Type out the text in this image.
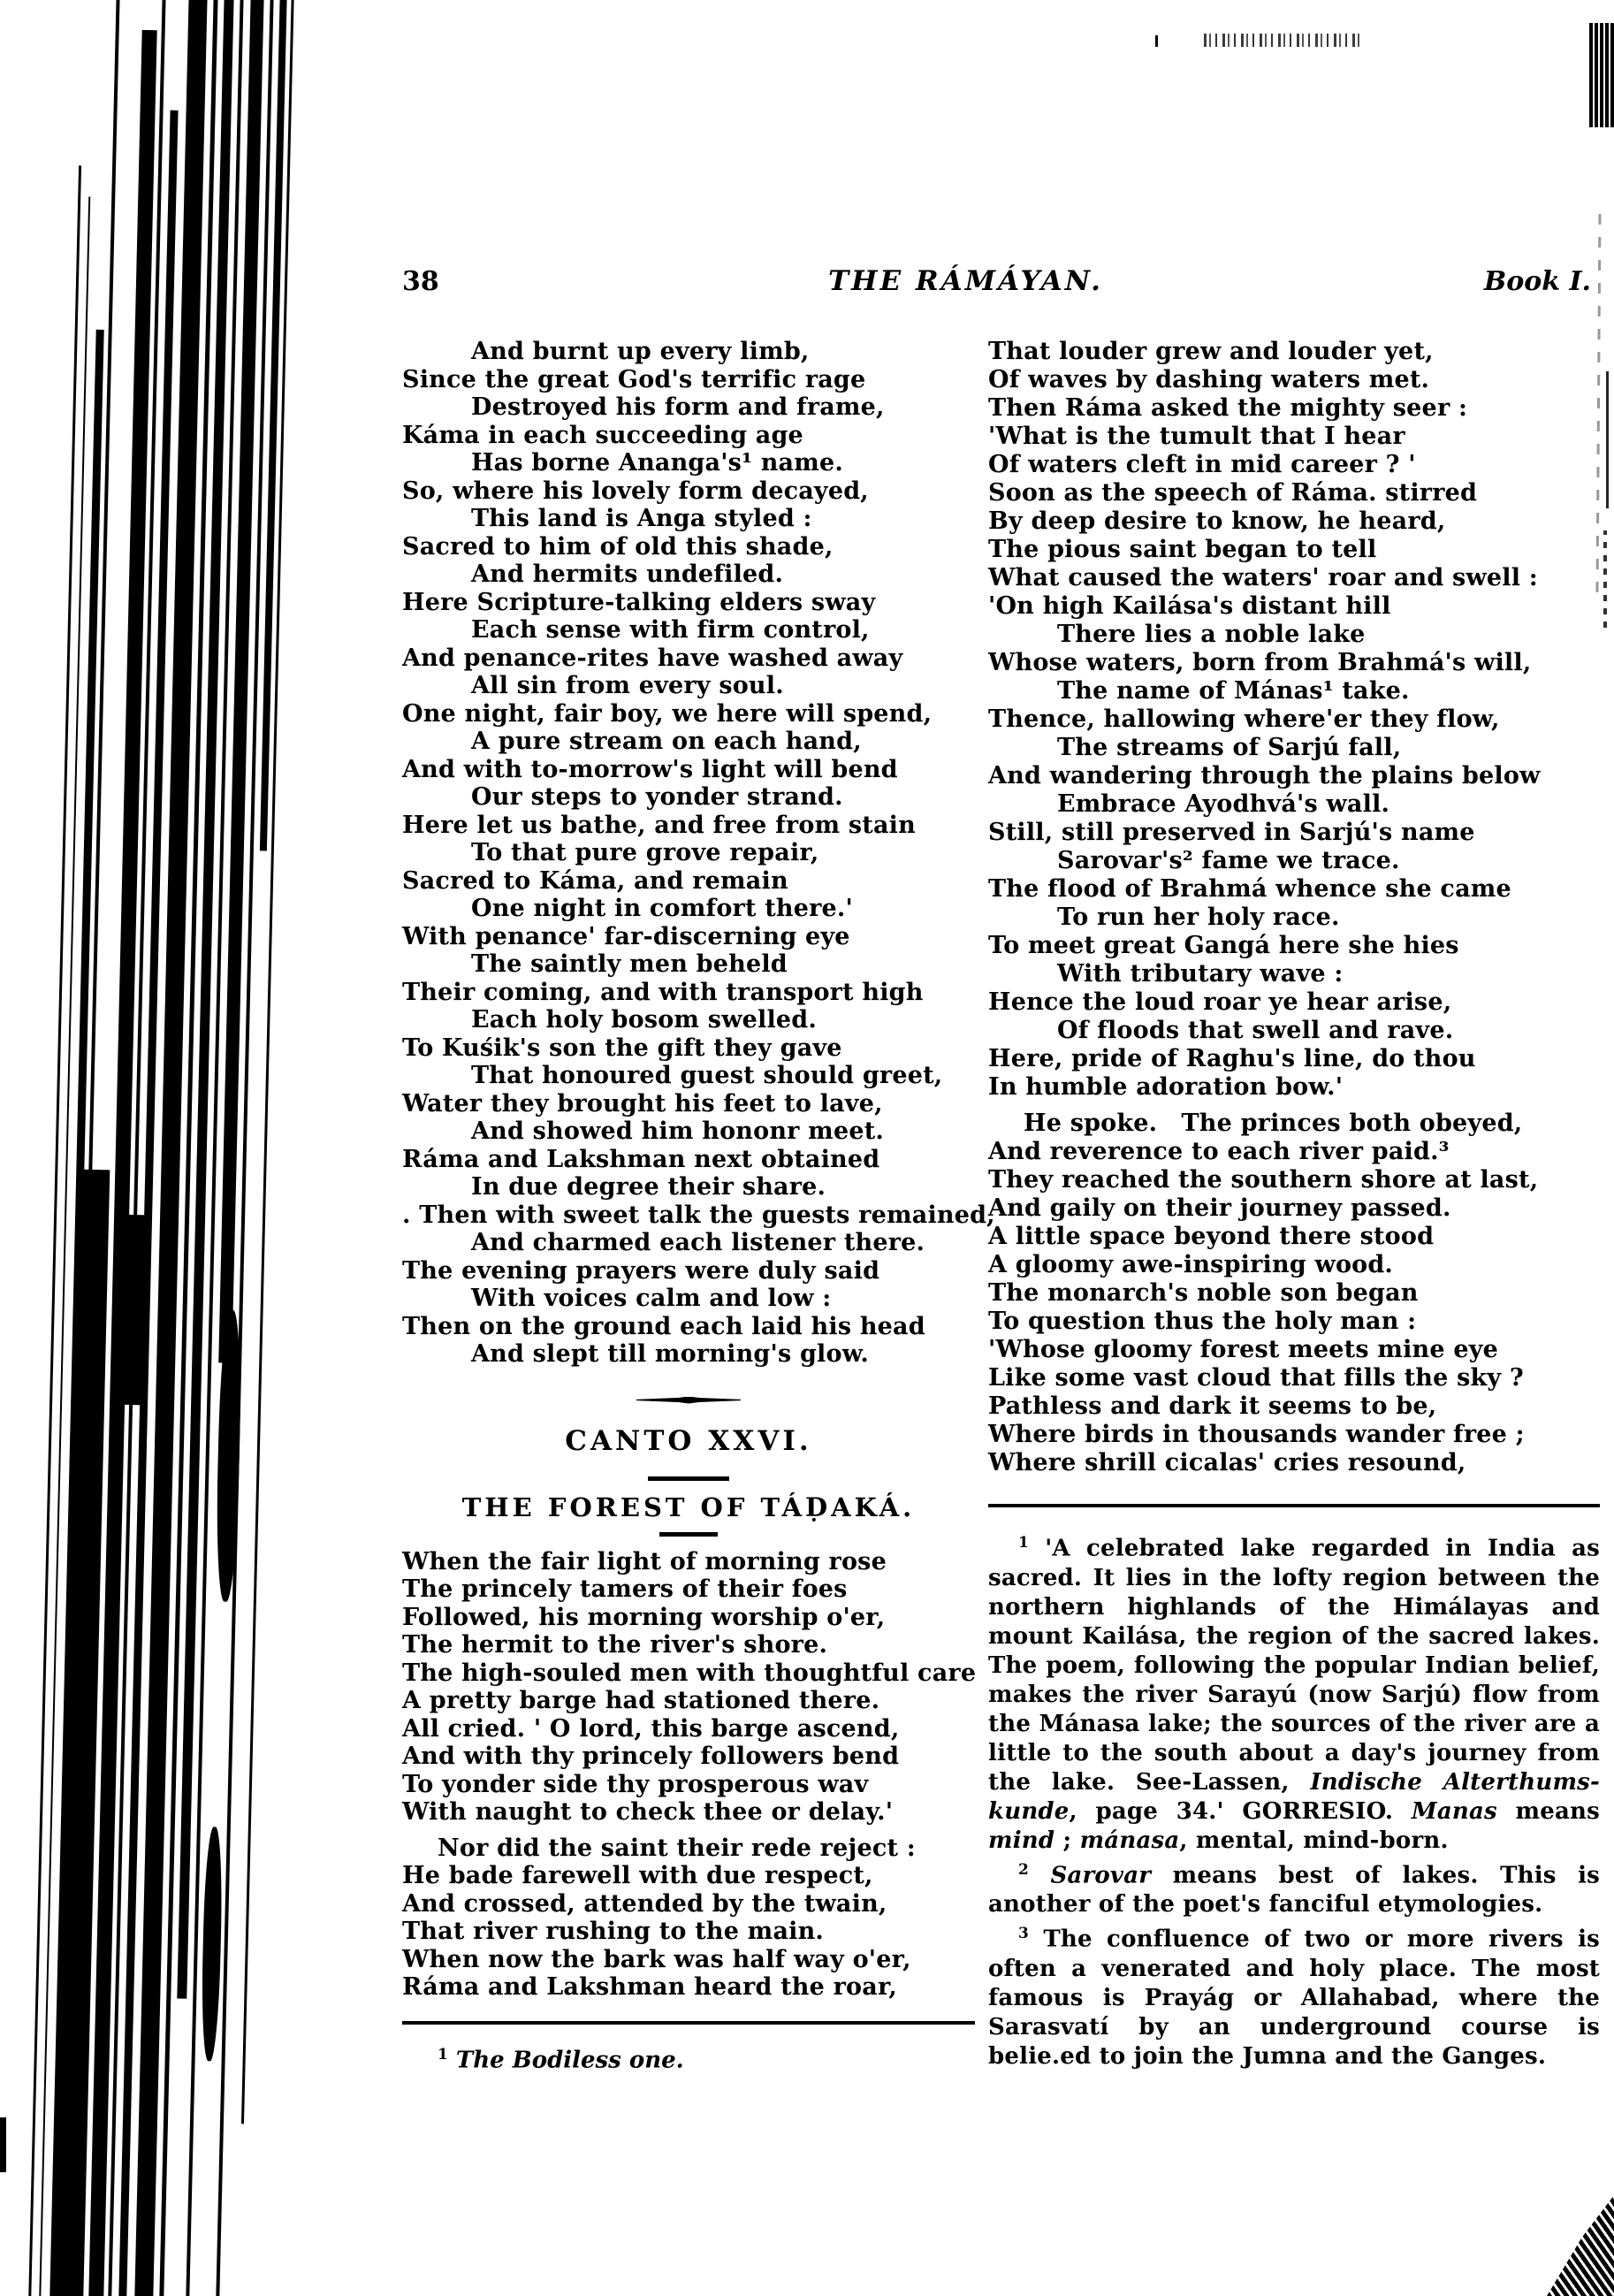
38	THE RÁMÁYAN.	Book I.
And burnt up every limb,
Since the great God's terrific rage
Destroyed his form and frame,
Káma in each succeeding age
Has borne Ananga's¹ name.
So, where his lovely form decayed,
This land is Anga styled :
Sacred to him of old this shade,
And hermits undefiled.
Here Scripture-talking elders sway
Each sense with firm control,
And penance-rites have washed away
All sin from every soul.
One night, fair boy, we here will spend,
A pure stream on each hand,
And with to-morrow's light will bend
Our steps to yonder strand.
Here let us bathe, and free from stain
To that pure grove repair,
Sacred to Káma, and remain
One night in comfort there.'
With penance' far-discerning eye
The saintly men beheld
Their coming, and with transport high
Each holy bosom swelled.
To Kuśik's son the gift they gave
That honoured guest should greet,
Water they brought his feet to lave,
And showed him hononr meet.
Ráma and Lakshman next obtained
In due degree their share.
. Then with sweet talk the guests remained,
And charmed each listener there.
The evening prayers were duly said
With voices calm and low :
Then on the ground each laid his head
And slept till morning's glow.
CANTO XXVI.
THE FOREST OF TÁḌAKÁ.
When the fair light of morning rose
The princely tamers of their foes
Followed, his morning worship o'er,
The hermit to the river's shore.
The high-souled men with thoughtful care
A pretty barge had stationed there.
All cried. ' O lord, this barge ascend,
And with thy princely followers bend
To yonder side thy prosperous wav
With naught to check thee or delay.'
Nor did the saint their rede reject :
He bade farewell with due respect,
And crossed, attended by the twain,
That river rushing to the main.
When now the bark was half way o'er,
Ráma and Lakshman heard the roar,
$^1$ The Bodiless one.
That louder grew and louder yet,
Of waves by dashing waters met.
Then Ráma asked the mighty seer :
'What is the tumult that I hear
Of waters cleft in mid career ? '
Soon as the speech of Ráma. stirred
By deep desire to know, he heard,
The pious saint began to tell
What caused the waters' roar and swell :
'On high Kailása's distant hill
There lies a noble lake
Whose waters, born from Brahmá's will,
The name of Mánas¹ take.
Thence, hallowing where'er they flow,
The streams of Sarjú fall,
And wandering through the plains below
Embrace Ayodhvá's wall.
Still, still preserved in Sarjú's name
Sarovar's² fame we trace.
The flood of Brahmá whence she came
To run her holy race.
To meet great Gangá here she hies
With tributary wave :
Hence the loud roar ye hear arise,
Of floods that swell and rave.
Here, pride of Raghu's line, do thou
In humble adoration bow.'
He spoke. The princes both obeyed,
And reverence to each river paid.³
They reached the southern shore at last,
And gaily on their journey passed.
A little space beyond there stood
A gloomy awe-inspiring wood.
The monarch's noble son began
To question thus the holy man :
'Whose gloomy forest meets mine eye
Like some vast cloud that fills the sky ?
Pathless and dark it seems to be,
Where birds in thousands wander free ;
Where shrill cicalas' cries resound,

$^1$ 'A celebrated lake regarded in India as sacred. It lies in the lofty region between the northern highlands of the Himálayas and mount Kailása, the region of the sacred lakes. The poem, following the popular Indian belief, makes the river Sarayú (now Sarjú) flow from the Mánasa lake; the sources of the river are a little to the south about a day's journey from the lake. See-Lassen, Indische Alterthums-kunde, page 34.' GORRESIO. Manas means mind ; mánasa, mental, mind-born.

$^2$ Sarovar means best of lakes. This is another of the poet's fanciful etymologies.

$^3$ The confluence of two or more rivers is often a venerated and holy place. The most famous is Prayág or Allahabad, where the Sarasvatí by an underground course is belie.ed to join the Jumna and the Ganges.
